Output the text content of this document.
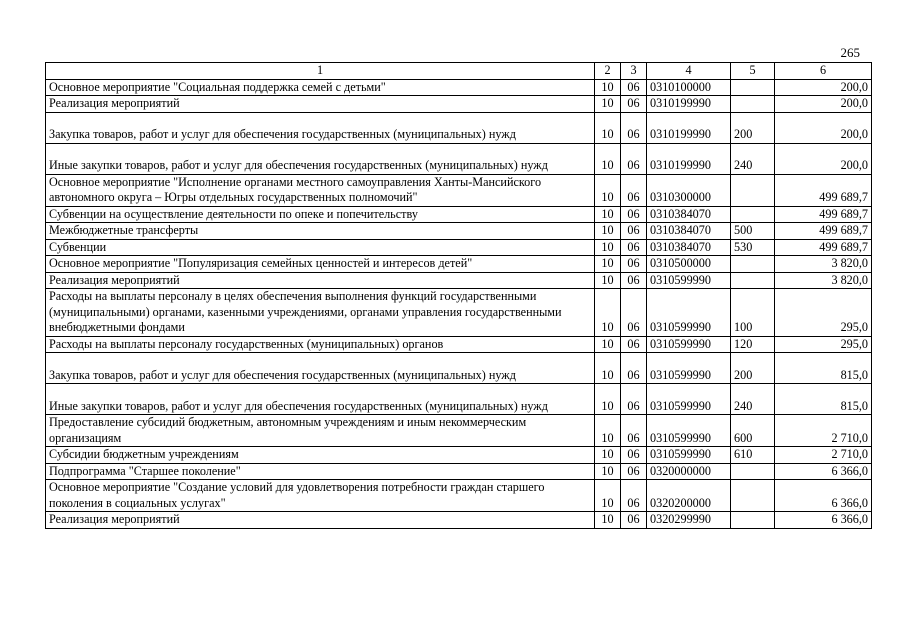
265
1	2	3	4	5	6
Основное мероприятие "Социальная поддержка семей с детьми"	10	06	0310100000		200,0
Реализация мероприятий	10	06	0310199990		200,0
Закупка товаров, работ и услуг для обеспечения государственных (муниципальных) нужд	10	06	0310199990	200	200,0
Иные закупки товаров, работ и услуг для обеспечения государственных (муниципальных) нужд	10	06	0310199990	240	200,0
Основное мероприятие "Исполнение органами местного самоуправления Ханты-Мансийского автономного округа – Югры отдельных государственных полномочий"	10	06	0310300000		499 689,7
Субвенции на осуществление деятельности по опеке и попечительству	10	06	0310384070		499 689,7
Межбюджетные трансферты	10	06	0310384070	500	499 689,7
Субвенции	10	06	0310384070	530	499 689,7
Основное мероприятие "Популяризация семейных ценностей и интересов детей"	10	06	0310500000		3 820,0
Реализация мероприятий	10	06	0310599990		3 820,0
Расходы на выплаты персоналу в целях обеспечения выполнения функций государственными (муниципальными) органами, казенными учреждениями, органами управления государственными внебюджетными фондами	10	06	0310599990	100	295,0
Расходы на выплаты персоналу государственных (муниципальных) органов	10	06	0310599990	120	295,0
Закупка товаров, работ и услуг для обеспечения государственных (муниципальных) нужд	10	06	0310599990	200	815,0
Иные закупки товаров, работ и услуг для обеспечения государственных (муниципальных) нужд	10	06	0310599990	240	815,0
Предоставление субсидий бюджетным, автономным учреждениям и иным некоммерческим организациям	10	06	0310599990	600	2 710,0
Субсидии бюджетным учреждениям	10	06	0310599990	610	2 710,0
Подпрограмма "Старшее поколение"	10	06	0320000000		6 366,0
Основное мероприятие "Создание условий для удовлетворения потребности граждан старшего поколения в социальных услугах"	10	06	0320200000		6 366,0
Реализация мероприятий	10	06	0320299990		6 366,0
